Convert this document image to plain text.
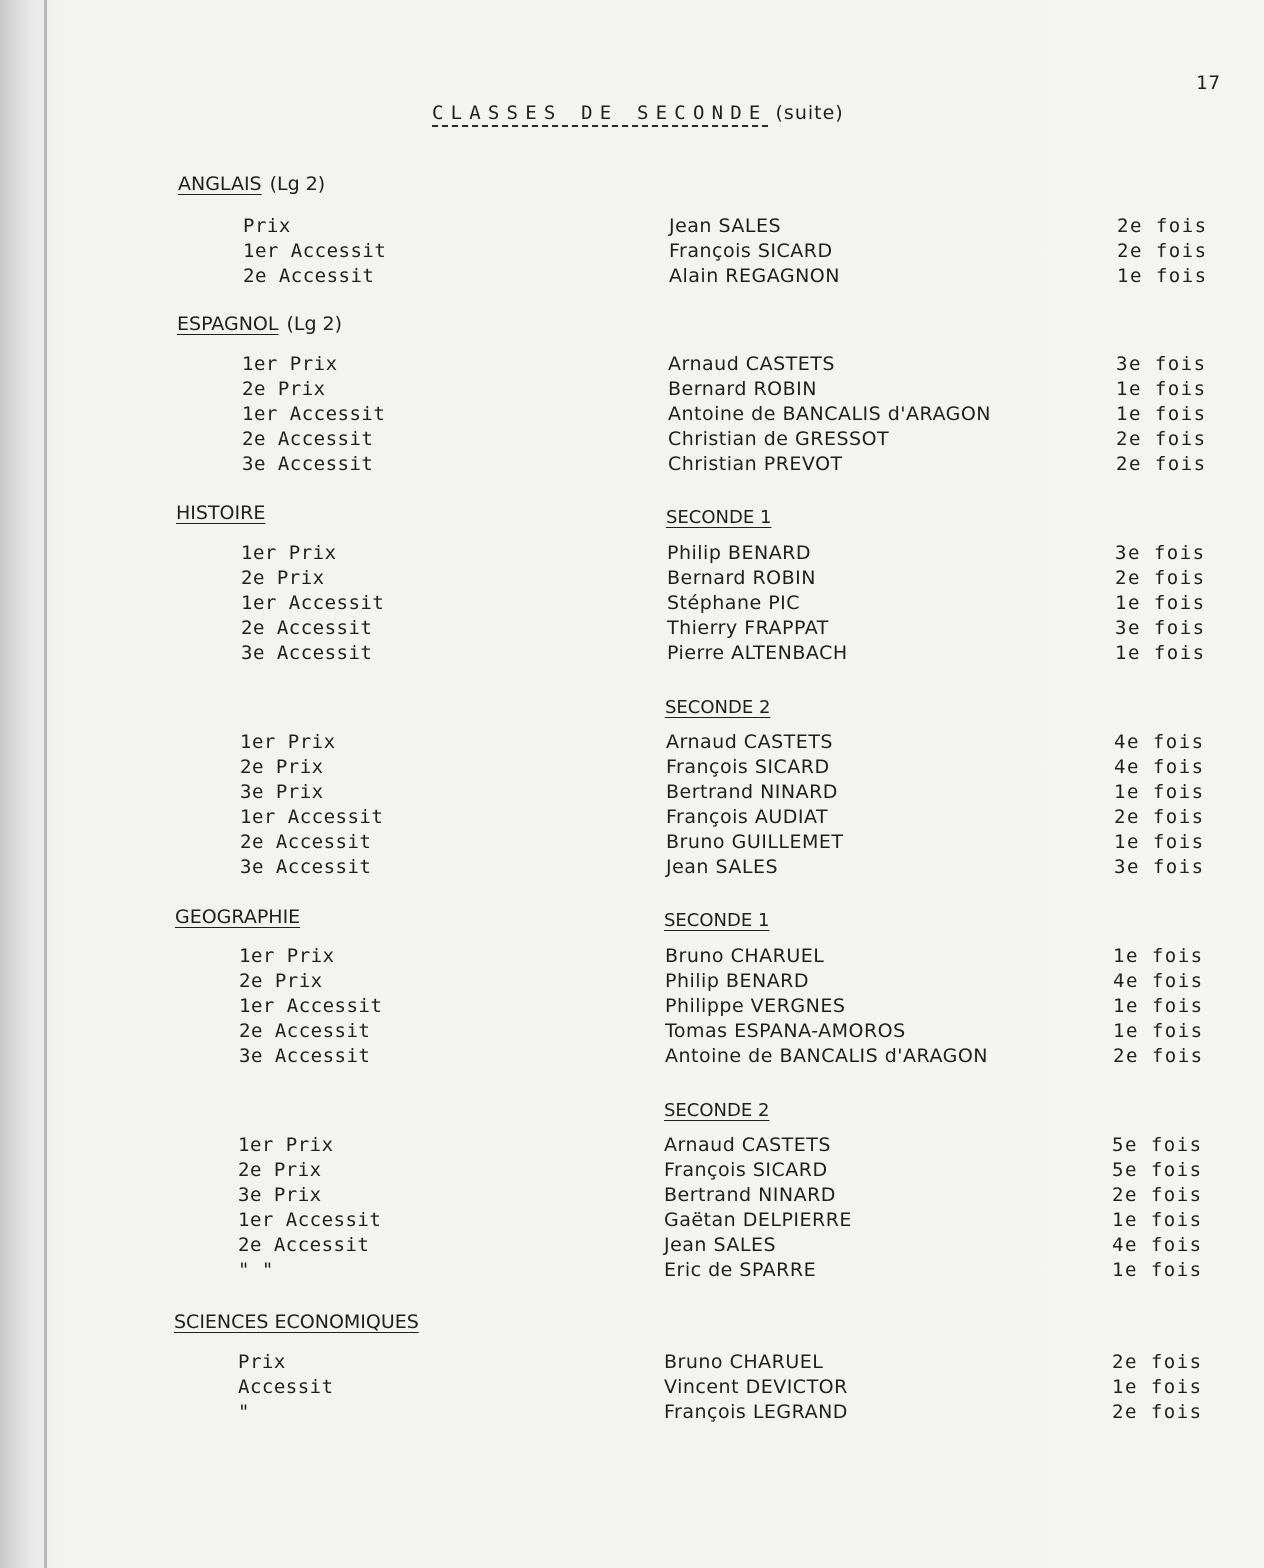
17
CLASSES DE SECONDE (suite)
ANGLAIS (Lg 2)
Prix	Jean SALES	2e fois
1er Accessit	François SICARD	2e fois
2e Accessit	Alain REGAGNON	1e fois
ESPAGNOL (Lg 2)
1er Prix	Arnaud CASTETS	3e fois
2e Prix	Bernard ROBIN	1e fois
1er Accessit	Antoine de BANCALIS d'ARAGON	1e fois
2e Accessit	Christian de GRESSOT	2e fois
3e Accessit	Christian PREVOT	2e fois
HISTOIRE	SECONDE 1
1er Prix	Philip BENARD	3e fois
2e Prix	Bernard ROBIN	2e fois
1er Accessit	Stéphane PIC	1e fois
2e Accessit	Thierry FRAPPAT	3e fois
3e Accessit	Pierre ALTENBACH	1e fois
SECONDE 2
1er Prix	Arnaud CASTETS	4e fois
2e Prix	François SICARD	4e fois
3e Prix	Bertrand NINARD	1e fois
1er Accessit	François AUDIAT	2e fois
2e Accessit	Bruno GUILLEMET	1e fois
3e Accessit	Jean SALES	3e fois
GEOGRAPHIE	SECONDE 1
1er Prix	Bruno CHARUEL	1e fois
2e Prix	Philip BENARD	4e fois
1er Accessit	Philippe VERGNES	1e fois
2e Accessit	Tomas ESPANA-AMOROS	1e fois
3e Accessit	Antoine de BANCALIS d'ARAGON	2e fois
SECONDE 2
1er Prix	Arnaud CASTETS	5e fois
2e Prix	François SICARD	5e fois
3e Prix	Bertrand NINARD	2e fois
1er Accessit	Gaëtan DELPIERRE	1e fois
2e Accessit	Jean SALES	4e fois
" "	Eric de SPARRE	1e fois
SCIENCES ECONOMIQUES
Prix	Bruno CHARUEL	2e fois
Accessit	Vincent DEVICTOR	1e fois
"	François LEGRAND	2e fois
